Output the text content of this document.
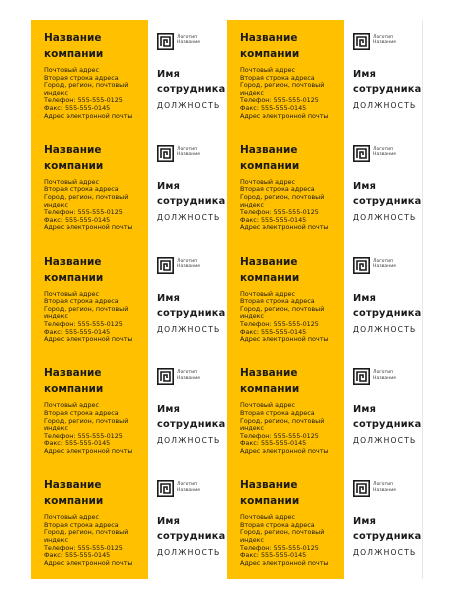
Название
компании
Почтовый адрес
Вторая строка адреса
Город, регион, почтовый
индекс
Телефон: 555-555-0125
Факс: 555-555-0145
Адрес электронной почты
Логотип
Название
Имя
сотрудника
ДОЛЖНОСТЬ
Название
компании
Почтовый адрес
Вторая строка адреса
Город, регион, почтовый
индекс
Телефон: 555-555-0125
Факс: 555-555-0145
Адрес электронной почты
Логотип
Название
Имя
сотрудника
ДОЛЖНОСТЬ
Название
компании
Почтовый адрес
Вторая строка адреса
Город, регион, почтовый
индекс
Телефон: 555-555-0125
Факс: 555-555-0145
Адрес электронной почты
Логотип
Название
Имя
сотрудника
ДОЛЖНОСТЬ
Название
компании
Почтовый адрес
Вторая строка адреса
Город, регион, почтовый
индекс
Телефон: 555-555-0125
Факс: 555-555-0145
Адрес электронной почты
Логотип
Название
Имя
сотрудника
ДОЛЖНОСТЬ
Название
компании
Почтовый адрес
Вторая строка адреса
Город, регион, почтовый
индекс
Телефон: 555-555-0125
Факс: 555-555-0145
Адрес электронной почты
Логотип
Название
Имя
сотрудника
ДОЛЖНОСТЬ
Название
компании
Почтовый адрес
Вторая строка адреса
Город, регион, почтовый
индекс
Телефон: 555-555-0125
Факс: 555-555-0145
Адрес электронной почты
Логотип
Название
Имя
сотрудника
ДОЛЖНОСТЬ
Название
компании
Почтовый адрес
Вторая строка адреса
Город, регион, почтовый
индекс
Телефон: 555-555-0125
Факс: 555-555-0145
Адрес электронной почты
Логотип
Название
Имя
сотрудника
ДОЛЖНОСТЬ
Название
компании
Почтовый адрес
Вторая строка адреса
Город, регион, почтовый
индекс
Телефон: 555-555-0125
Факс: 555-555-0145
Адрес электронной почты
Логотип
Название
Имя
сотрудника
ДОЛЖНОСТЬ
Название
компании
Почтовый адрес
Вторая строка адреса
Город, регион, почтовый
индекс
Телефон: 555-555-0125
Факс: 555-555-0145
Адрес электронной почты
Логотип
Название
Имя
сотрудника
ДОЛЖНОСТЬ
Название
компании
Почтовый адрес
Вторая строка адреса
Город, регион, почтовый
индекс
Телефон: 555-555-0125
Факс: 555-555-0145
Адрес электронной почты
Логотип
Название
Имя
сотрудника
ДОЛЖНОСТЬ
